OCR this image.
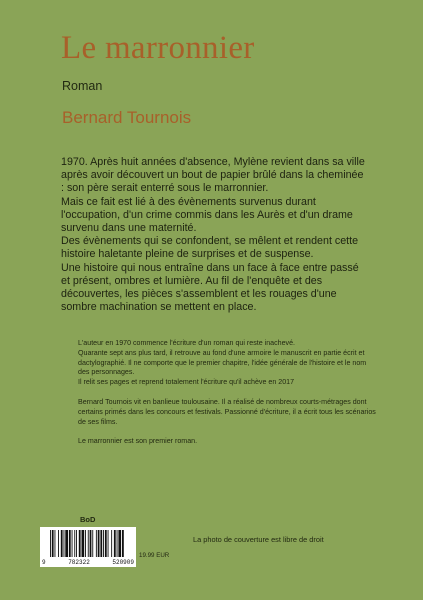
Le marronnier
Roman
Bernard Tournois

1970. Après huit années d'absence, Mylène revient dans sa ville après avoir découvert un bout de papier brûlé dans la cheminée : son père serait enterré sous le marronnier.

Mais ce fait est lié à des évènements survenus durant l'occupation, d'un crime commis dans les Aurès et d'un drame survenu dans une maternité.

Des évènements qui se confondent, se mêlent et rendent cette histoire haletante pleine de surprises et de suspense.

Une histoire qui nous entraîne dans un face à face entre passé et présent, ombres et lumière. Au fil de l'enquête et des découvertes, les pièces s'assemblent et les rouages d'une sombre machination se mettent en place.

L'auteur en 1970 commence l'écriture d'un roman qui reste inachevé.

Quarante sept ans plus tard, il retrouve au fond d'une armoire le manuscrit en partie écrit et dactylographié. Il ne comporte que le premier chapitre, l'idée générale de l'histoire et le nom des personnages.

Il relit ses pages et reprend totalement l'écriture qu'il achève en 2017

Bernard Tournois vit en banlieue toulousaine. Il a réalisé de nombreux courts-métrages dont certains primés dans les concours et festivals. Passionné d'écriture, il a écrit tous les scénarios de ses films.

Le marronnier est son premier roman.

BoD
La photo de couverture est libre de droit
9	782322	520909
19.99 EUR
